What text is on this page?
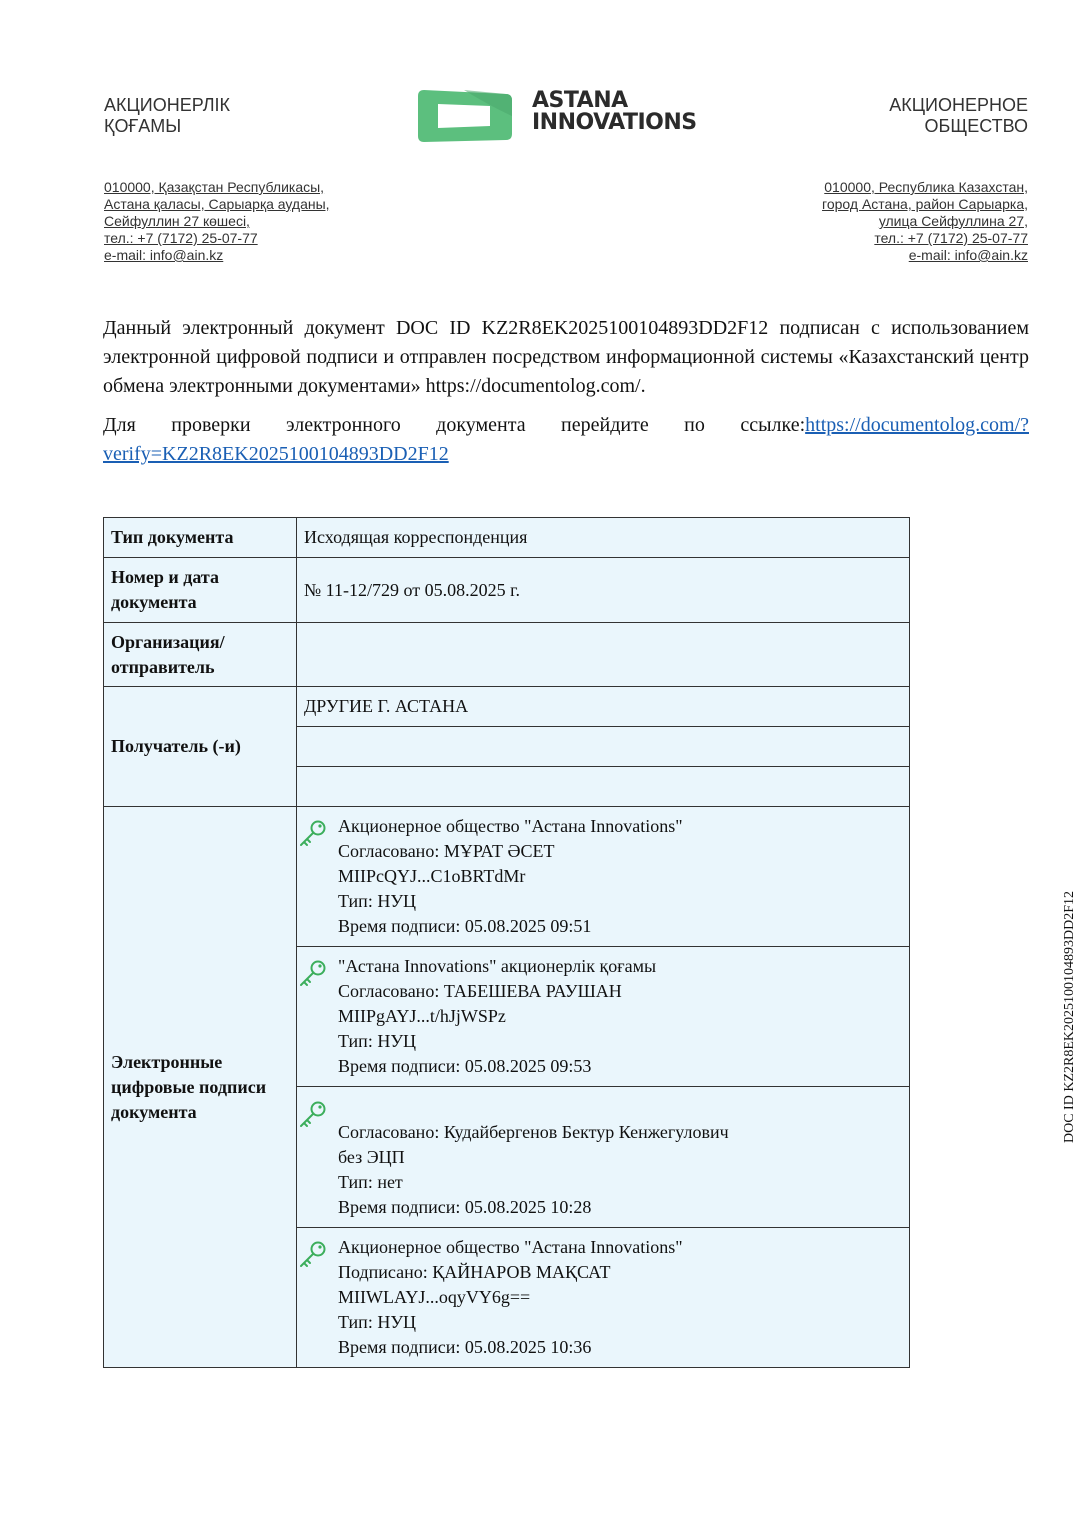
АКЦИОНЕРЛІК
ҚОҒАМЫ
ASTANA
INNOVATIONS
АКЦИОНЕРНОЕ
ОБЩЕСТВО
010000, Қазақстан Республикасы,
Астана қаласы, Сарыарқа ауданы,
Сейфуллин 27 көшесі,
тел.: +7 (7172) 25-07-77
e-mail: info@ain.kz
010000, Республика Казахстан,
город Астана, район Сарыарка,
улица Сейфуллина 27,
тел.: +7 (7172) 25-07-77
e-mail: info@ain.kz
Данный электронный документ DOC ID KZ2R8EK2025100104893DD2F12 подписан с использованием электронной цифровой подписи и отправлен посредством информационной системы «Казахстанский центр обмена электронными документами» https://documentolog.com/.
Для проверки электронного документа перейдите по ссылке:https://documentolog.com/?verify=KZ2R8EK2025100104893DD2F12
Тип документа	Исходящая корреспонденция
Номер и дата документа	№ 11-12/729 от 05.08.2025 г.
Организация/ отправитель	
Получатель (-и)	ДРУГИЕ Г. АСТАНА

Электронные цифровые подписи документа	Акционерное общество "Астана Innovations"
Согласовано: МҰРАТ ӘСЕТ
MIIPcQYJ...C1oBRTdMr
Тип: НУЦ
Время подписи: 05.08.2025 09:51

	"Астана Innovations" акционерлік қоғамы
Согласовано: ТАБЕШЕВА РАУШАН
MIIPgAYJ...t/hJjWSPz
Тип: НУЦ
Время подписи: 05.08.2025 09:53

	Согласовано: Кудайбергенов Бектур Кенжегулович
без ЭЦП
Тип: нет
Время подписи: 05.08.2025 10:28

	Акционерное общество "Астана Innovations"
Подписано: ҚАЙНАРОВ МАҚСАТ
MIIWLAYJ...oqyVY6g==
Тип: НУЦ
Время подписи: 05.08.2025 10:36
DOC ID KZ2R8EK2025100104893DD2F12
